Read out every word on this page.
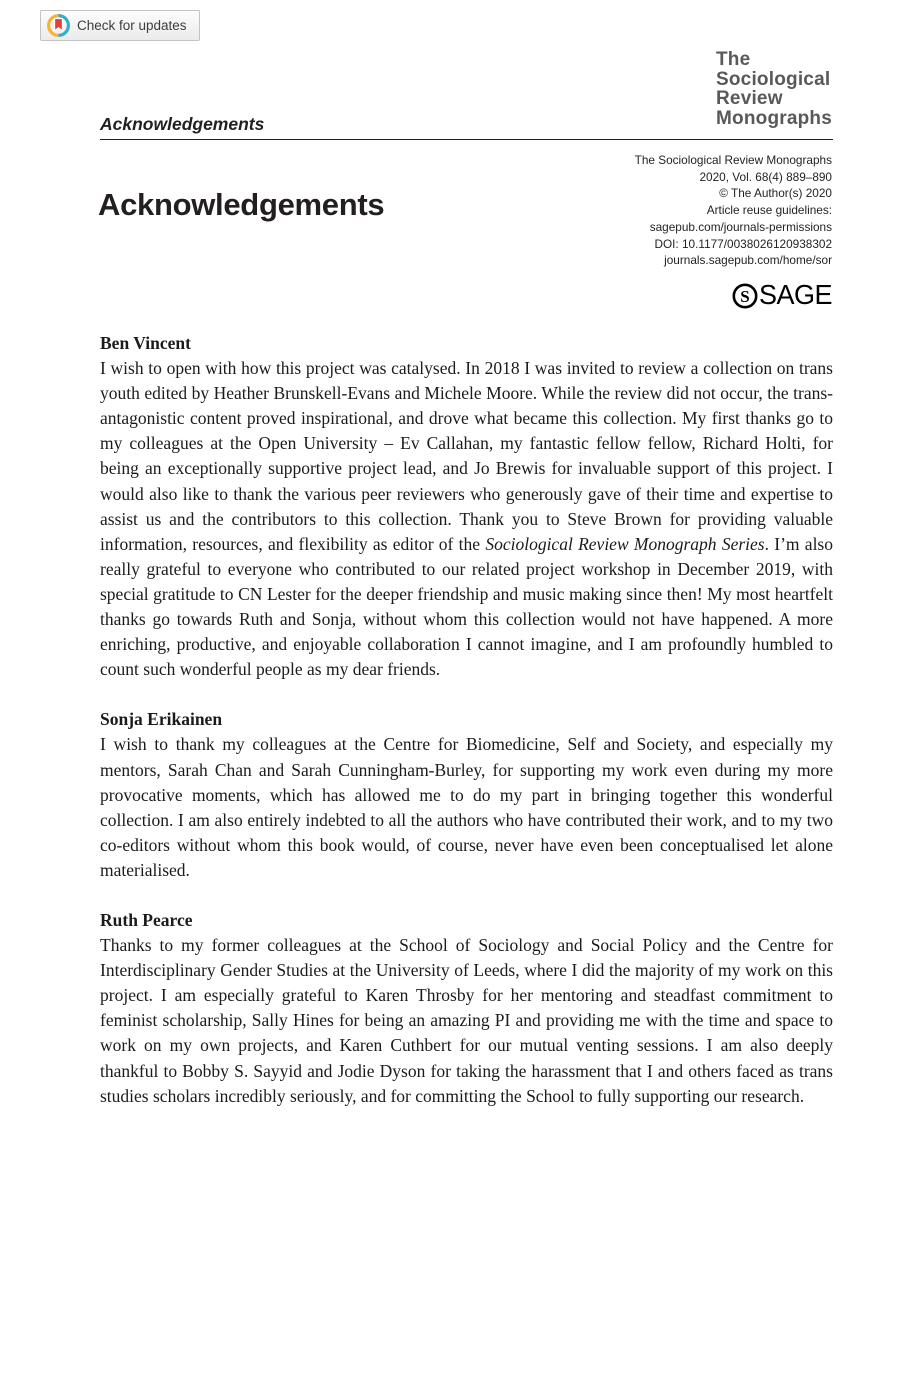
Check for updates
The
Sociological
Review
Monographs
Acknowledgements
Acknowledgements
The Sociological Review Monographs
2020, Vol. 68(4) 889–890
© The Author(s) 2020
Article reuse guidelines:
sagepub.com/journals-permissions
DOI: 10.1177/0038026120938302
journals.sagepub.com/home/sor
S SAGE
Ben Vincent

I wish to open with how this project was catalysed. In 2018 I was invited to review a collection on trans youth edited by Heather Brunskell-Evans and Michele Moore. While the review did not occur, the trans-antagonistic content proved inspirational, and drove what became this collection. My first thanks go to my colleagues at the Open University – Ev Callahan, my fantastic fellow fellow, Richard Holti, for being an exceptionally supportive project lead, and Jo Brewis for invaluable support of this project. I would also like to thank the various peer reviewers who generously gave of their time and expertise to assist us and the contributors to this collection. Thank you to Steve Brown for providing valuable information, resources, and flexibility as editor of the Sociological Review Monograph Series. I’m also really grateful to everyone who contributed to our related project workshop in December 2019, with special gratitude to CN Lester for the deeper friendship and music making since then! My most heartfelt thanks go towards Ruth and Sonja, without whom this collection would not have happened. A more enriching, productive, and enjoyable collaboration I cannot imagine, and I am profoundly humbled to count such wonderful people as my dear friends.

Sonja Erikainen

I wish to thank my colleagues at the Centre for Biomedicine, Self and Society, and especially my mentors, Sarah Chan and Sarah Cunningham-Burley, for supporting my work even during my more provocative moments, which has allowed me to do my part in bringing together this wonderful collection. I am also entirely indebted to all the authors who have contributed their work, and to my two co-editors without whom this book would, of course, never have even been conceptualised let alone materialised.

Ruth Pearce

Thanks to my former colleagues at the School of Sociology and Social Policy and the Centre for Interdisciplinary Gender Studies at the University of Leeds, where I did the majority of my work on this project. I am especially grateful to Karen Throsby for her mentoring and steadfast commitment to feminist scholarship, Sally Hines for being an amazing PI and providing me with the time and space to work on my own projects, and Karen Cuthbert for our mutual venting sessions. I am also deeply thankful to Bobby S. Sayyid and Jodie Dyson for taking the harassment that I and others faced as trans studies scholars incredibly seriously, and for committing the School to fully supporting our research.
